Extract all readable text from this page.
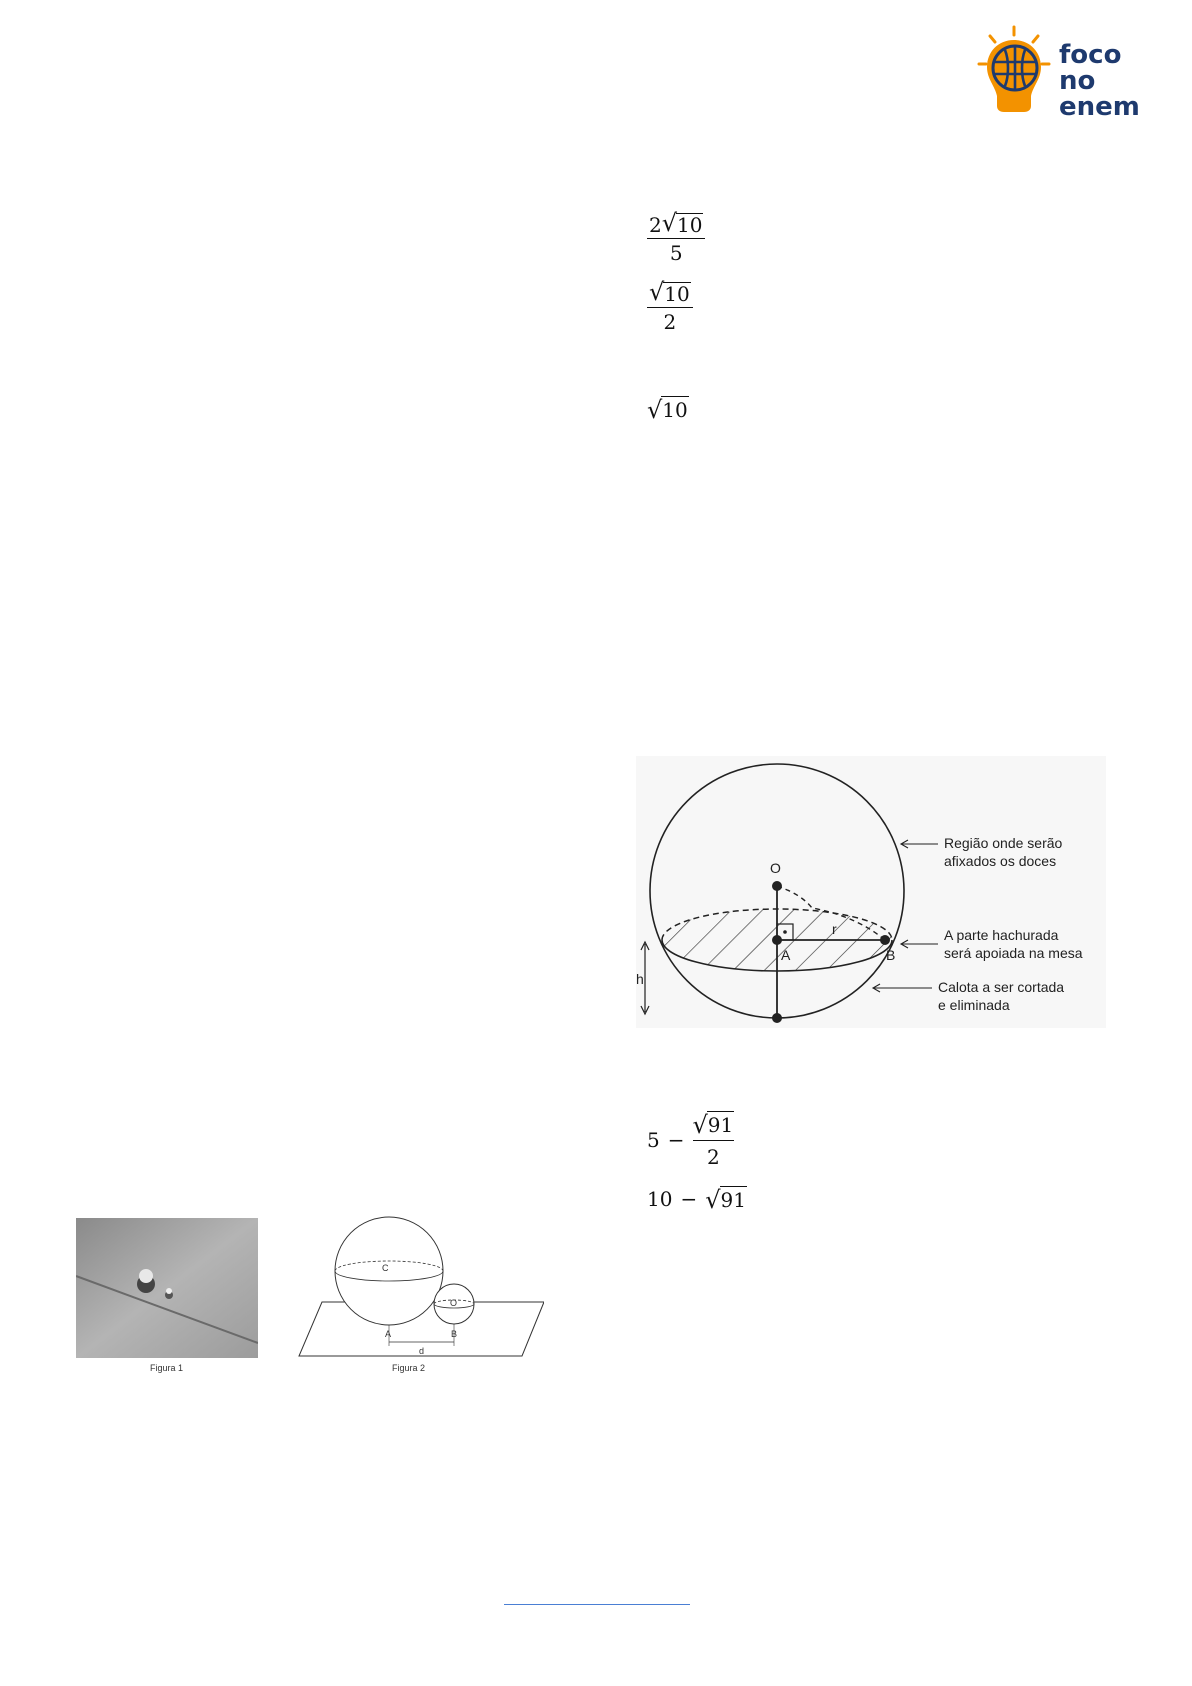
foco
no enem
2 √ 10
5
√ 10
2
√ 10
O
A	B
r
h
Região onde serão
afixados os doces
A parte hachurada
será apoiada na mesa
Calota a ser cortada
e eliminada
5 −
√ 91
2
10 − √ 91
Figura 1
C
O
A	B
d
Figura 2
